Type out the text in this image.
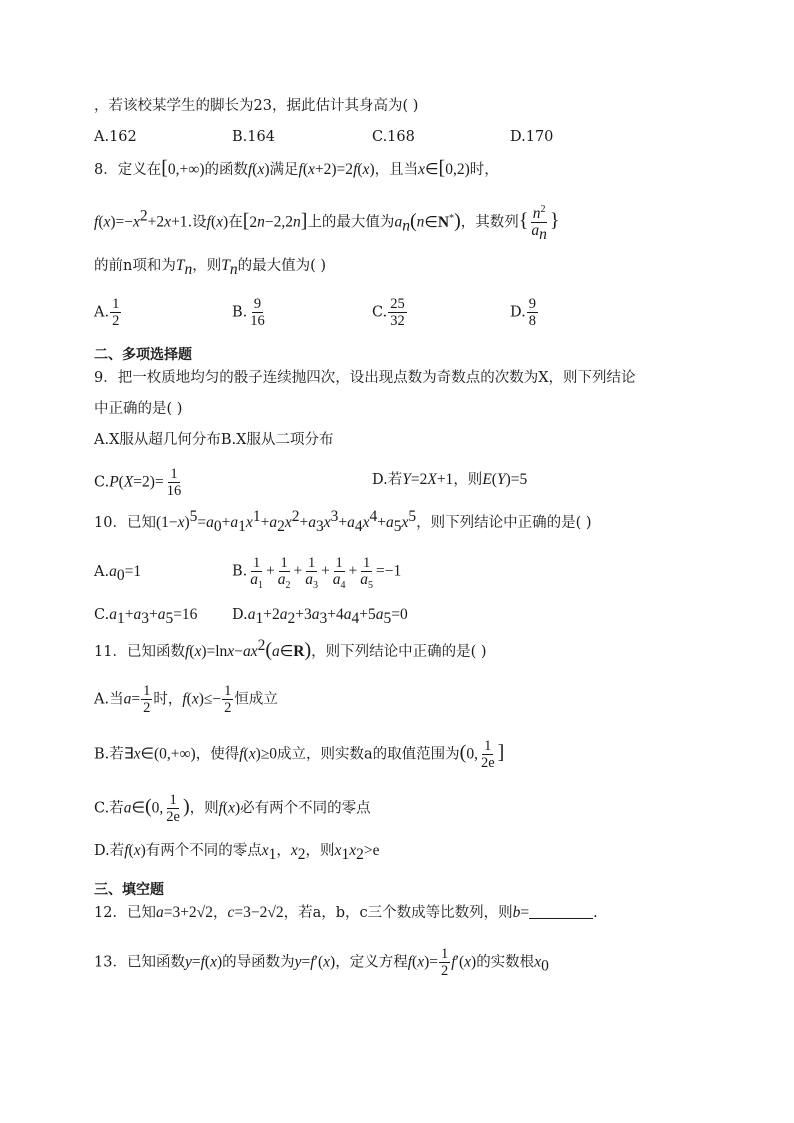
，若该校某学生的脚长为23，据此估计其身高为( )
A.162	B.164	C.168	D.170
8．定义在[0,+∞)的函数f(x)满足f(x+2)=2f(x)，且当x∈[0,2)时，
$f(x)=-x^2+2x+1$.设f(x)在[2n−2,2n]上的最大值为$a_n(n\in N^*)$，其数列{ $\frac{n^2}{a_n}$ }
的前n项和为$T_n$，则$T_n$的最大值为( )
A. $\frac{1}{2}$	B. $\frac{9}{16}$	C. $\frac{25}{32}$	D. $\frac{9}{8}$
二、多项选择题
9．把一枚质地均匀的骰子连续抛四次，设出现点数为奇数点的次数为X，则下列结论
中正确的是( )
A.X服从超几何分布B.X服从二项分布
$C.P(X=2)= \frac{1}{16}$	D.若Y=2X+1，则E(Y)=5
10．已知$(1-x)^5=a_0+a_1x^1+a_2x^2+a_3x^3+a_4x^4+a_5x^5$，则下列结论中正确的是( )
$A.a_0=1$	B. $\frac{1}{a_1} + \frac{1}{a_2} + \frac{1}{a_3} + \frac{1}{a_4} + \frac{1}{a_5} =-1$
$C.a_1+a_3+a_5=16$ $D.a_1+2a_2+3a_3+4a_4+5a_5=0$
11．已知函数$f(x)=\ln x-ax^2(a\in R)$，则下列结论中正确的是( )
A.当$a= \frac{1}{2}$ 时，$f(x)\le- \frac{1}{2}$ 恒成立
B.若∃x∈(0,+∞)，使得f(x)≥0成立，则实数a的取值范围为(0, $\frac{1}{2e}$ ]
C.若a∈(0, $\frac{1}{2e}$ )，则f(x)必有两个不同的零点
D.若f(x)有两个不同的零点$x_1$，$x_2$，则$x_1x_2>e$
三、填空题
12．已知a=3+2√2，c=3−2√2，若a，b，c三个数成等比数列，则b=	.
13．已知函数y=f(x)的导函数为y=f′(x)，定义方程$f(x)= \frac{1}{2} f'(x)$的实数根$x_0$
